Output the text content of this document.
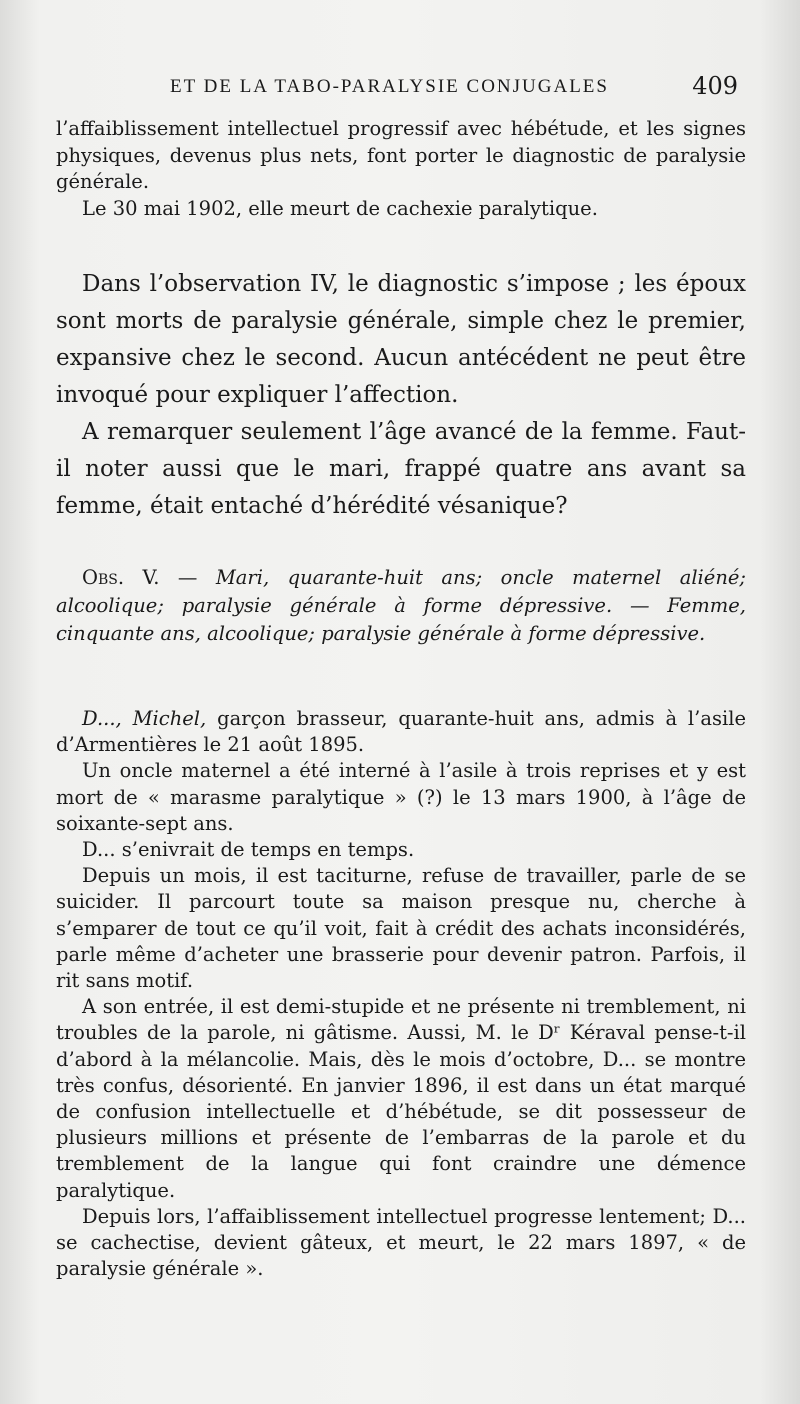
ET DE LA TABO-PARALYSIE CONJUGALES	409

l’affaiblissement intellectuel progressif avec hébétude, et les signes physiques, devenus plus nets, font porter le diagnostic de paralysie générale.

Le 30 mai 1902, elle meurt de cachexie paralytique.

Dans l’observation IV, le diagnostic s’impose ; les époux sont morts de paralysie générale, simple chez le premier, expansive chez le second. Aucun antécédent ne peut être invoqué pour expliquer l’affection.

A remarquer seulement l’âge avancé de la femme. Faut-il noter aussi que le mari, frappé quatre ans avant sa femme, était entaché d’hérédité vésanique?

Obs. V. — Mari, quarante-huit ans; oncle maternel aliéné; alcoolique; paralysie générale à forme dépressive. — Femme, cinquante ans, alcoolique; paralysie générale à forme dépressive.

D..., Michel, garçon brasseur, quarante-huit ans, admis à l’asile d’Armentières le 21 août 1895.

Un oncle maternel a été interné à l’asile à trois reprises et y est mort de « marasme paralytique » (?) le 13 mars 1900, à l’âge de soixante-sept ans.

D... s’enivrait de temps en temps.

Depuis un mois, il est taciturne, refuse de travailler, parle de se suicider. Il parcourt toute sa maison presque nu, cherche à s’emparer de tout ce qu’il voit, fait à crédit des achats inconsidérés, parle même d’acheter une brasserie pour devenir patron. Parfois, il rit sans motif.

A son entrée, il est demi-stupide et ne présente ni tremblement, ni troubles de la parole, ni gâtisme. Aussi, M. le Dʳ Kéraval pense-t-il d’abord à la mélancolie. Mais, dès le mois d’octobre, D... se montre très confus, désorienté. En janvier 1896, il est dans un état marqué de confusion intellectuelle et d’hébétude, se dit possesseur de plusieurs millions et présente de l’embarras de la parole et du tremblement de la langue qui font craindre une démence paralytique.

Depuis lors, l’affaiblissement intellectuel progresse lentement; D... se cachectise, devient gâteux, et meurt, le 22 mars 1897, « de paralysie générale ».
